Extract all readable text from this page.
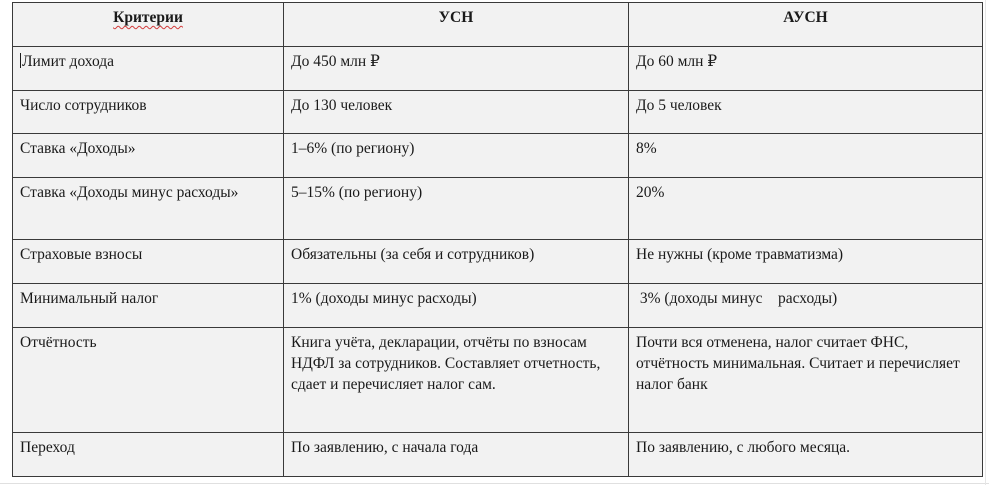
Критерии	УСН	АУСН
Лимит дохода	До 450 млн ₽	До 60 млн ₽
Число сотрудников	До 130 человек	До 5 человек
Ставка «Доходы»	1–6% (по региону)	8%
Ставка «Доходы минус расходы»	5–15% (по региону)	20%
Страховые взносы	Обязательны (за себя и сотрудников)	Не нужны (кроме травматизма)
Минимальный налог	1% (доходы минус расходы)	3% (доходы минус    расходы)
Отчётность	Книга учёта, декларации, отчёты по взносам НДФЛ за сотрудников. Составляет отчетность, сдает и перечисляет налог сам.	Почти вся отменена, налог считает ФНС, отчётность минимальная. Считает и перечисляет налог банк
Переход	По заявлению, с начала года	По заявлению, с любого месяца.
